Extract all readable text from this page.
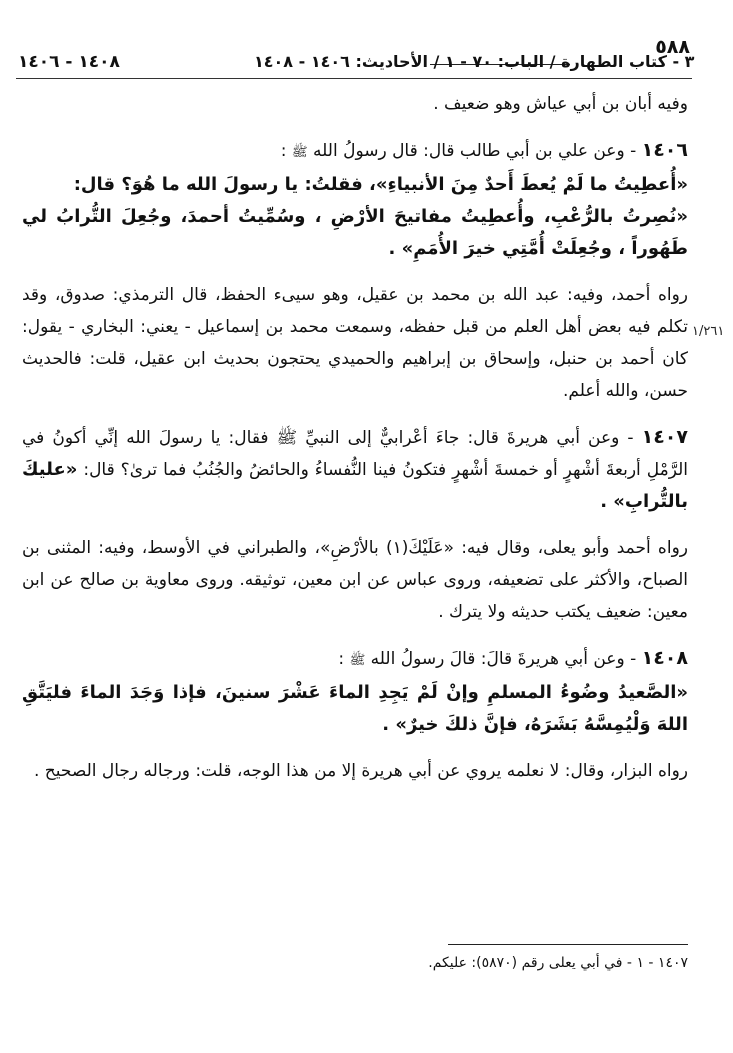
٥٨٨
٣ - كتاب الطهارة / الباب: ٧٠ - ١ / الأحاديث: ١٤٠٦ - ١٤٠٨
١٤٠٨ - ١٤٠٦
١/٢٦١

وفيه أبان بن أبي عياش وهو ضعيف .

١٤٠٦ - وعن علي بن أبي طالب قال: قال رسولُ الله ﷺ :
«أُعطِيتُ ما لَمْ يُعطَ أَحدٌ مِنَ الأنبياءِ»، فقلتُ: يا رسولَ الله ما هُوَ؟ قال:
«نُصِرتُ بالرُّعْبِ، وأُعطِيتُ مفاتيحَ الأرْضِ ، وسُمِّيتُ أحمدَ، وجُعِلَ التُّرابُ لي طَهُوراً ، وجُعِلَتْ أُمَّتِي خيرَ الأُمَمِ» .

رواه أحمد، وفيه: عبد الله بن محمد بن عقيل، وهو سيىء الحفظ، قال الترمذي: صدوق، وقد تكلم فيه بعض أهل العلم من قبل حفظه، وسمعت محمد بن إسماعيل - يعني: البخاري - يقول: كان أحمد بن حنبل، وإسحاق بن إبراهيم والحميدي يحتجون بحديث ابن عقيل، قلت: فالحديث حسن، والله أعلم.

١٤٠٧ - وعن أبي هريرةَ قال: جاءَ أعْرابيٌّ إلى النبيِّ ﷺ فقال: يا رسولَ الله إنِّي أكونُ في الرَّمْلِ أربعةَ أشْهرٍ أو خمسةَ أشْهرٍ فتكونُ فينا النُّفساءُ والحائضُ والجُنُبُ فما ترىٰ؟ قال: «عليكَ بالتُّرابِ» .

رواه أحمد وأبو يعلى، وقال فيه: «عَلَيْكَ(١) بالأرْضِ»، والطبراني في الأوسط، وفيه: المثنى بن الصباح، والأكثر على تضعيفه، وروى عباس عن ابن معين، توثيقه. وروى معاوية بن صالح عن ابن معين: ضعيف يكتب حديثه ولا يترك .

١٤٠٨ - وعن أبي هريرةَ قالَ: قالَ رسولُ الله ﷺ :
«الصَّعيدُ وضُوءُ المسلمِ وإنْ لَمْ يَجِدِ الماءَ عَشْرَ سنينَ، فإذا وَجَدَ الماءَ فليَتَّقِ اللهَ وَلْيُمِسَّهُ بَشَرَهُ، فإنَّ ذلكَ خيرٌ» .

رواه البزار، وقال: لا نعلمه يروي عن أبي هريرة إلا من هذا الوجه، قلت: ورجاله رجال الصحيح .

١٤٠٧ - ١ - في أبي يعلى رقم (٥٨٧٠): عليكم.
